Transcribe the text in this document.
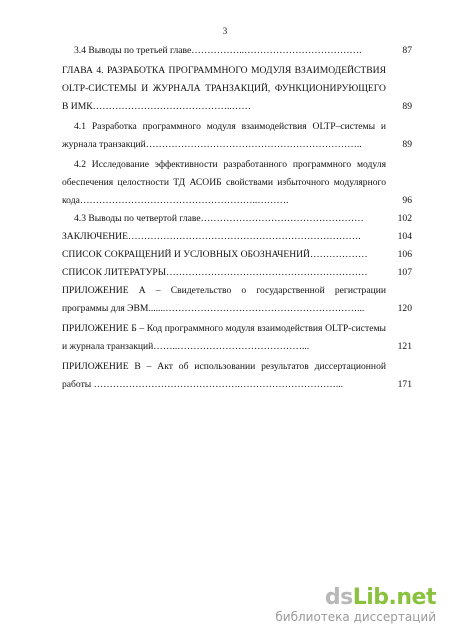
3
3.4 Выводы по третьей главе……………..……………………………….	87
ГЛАВА 4. РАЗРАБОТКА ПРОГРАММНОГО МОДУЛЯ ВЗАИМОДЕЙСТВИЯ OLTP-СИСТЕМЫ И ЖУРНАЛА ТРАНЗАКЦИЙ, ФУНКЦИОНИРУЮЩЕГО В ИМК……………………………………..……	89
4.1 Разработка программного модуля взаимодействия OLTP–системы и журнала транзакций…………………………………………………………..	89
4.2 Исследование эффективности разработанного программного модуля обеспечения целостности ТД АСОИБ свойствами избыточного модулярного кода………………………………………………..……….	96
4.3 Выводы по четвертой главе……………………………………………	102
ЗАКЛЮЧЕНИЕ……………………………………………………………….	104
СПИСОК СОКРАЩЕНИЙ И УСЛОВНЫХ ОБОЗНАЧЕНИЙ………………	106
СПИСОК ЛИТЕРАТУРЫ………………………………………………………	107
ПРИЛОЖЕНИЕ А – Свидетельство о государственной регистрации программы для ЭВМ.......……………………………………………………...	120
ПРИЛОЖЕНИЕ Б – Код программного модуля взаимодействия OLTP-системы и журнала транзакций……..…………………………………...	121
ПРИЛОЖЕНИЕ В – Акт об использовании результатов диссертационной работы ……………………………………….…………………………...	171
dsLib.net
библиотека диссертаций
